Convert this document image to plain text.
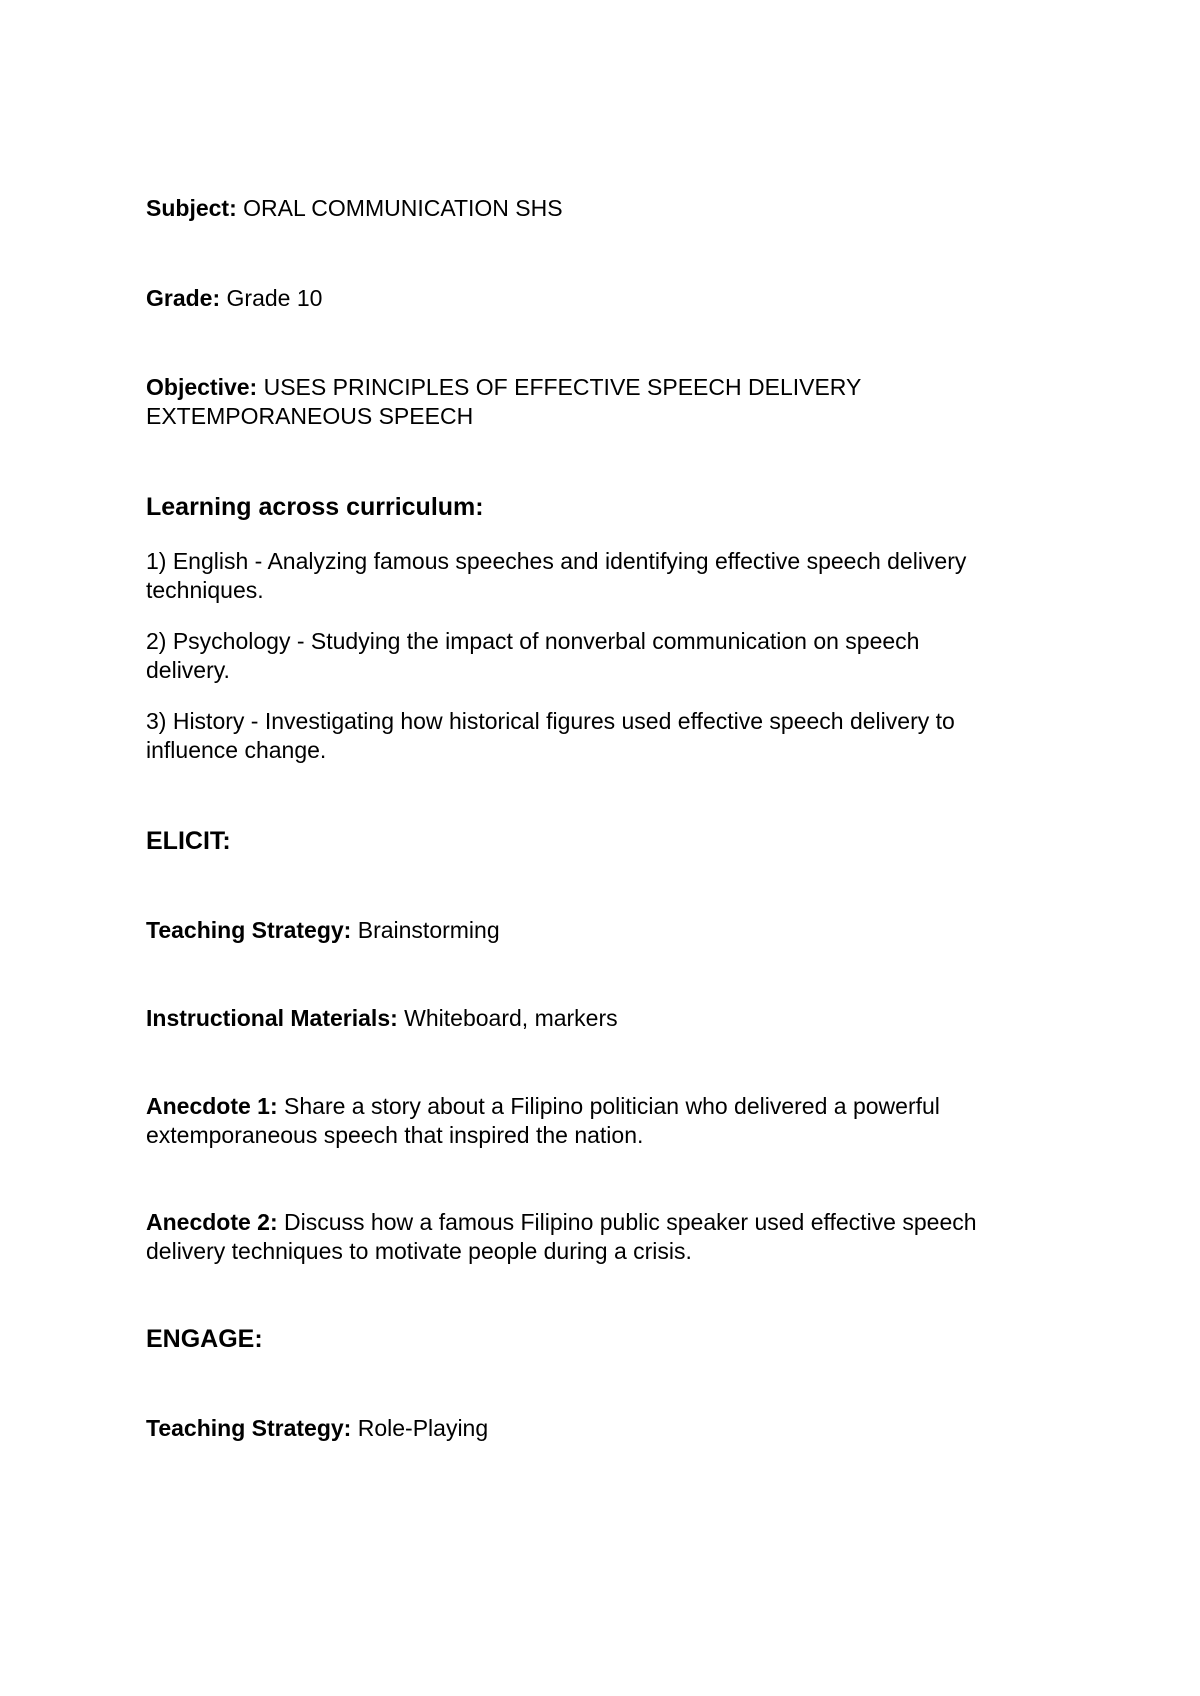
Subject: ORAL COMMUNICATION SHS

Grade: Grade 10

Objective: USES PRINCIPLES OF EFFECTIVE SPEECH DELIVERY EXTEMPORANEOUS SPEECH

Learning across curriculum:

1) English - Analyzing famous speeches and identifying effective speech delivery techniques.

2) Psychology - Studying the impact of nonverbal communication on speech delivery.

3) History - Investigating how historical figures used effective speech delivery to influence change.

ELICIT:

Teaching Strategy: Brainstorming

Instructional Materials: Whiteboard, markers

Anecdote 1: Share a story about a Filipino politician who delivered a powerful extemporaneous speech that inspired the nation.

Anecdote 2: Discuss how a famous Filipino public speaker used effective speech delivery techniques to motivate people during a crisis.

ENGAGE:

Teaching Strategy: Role-Playing
